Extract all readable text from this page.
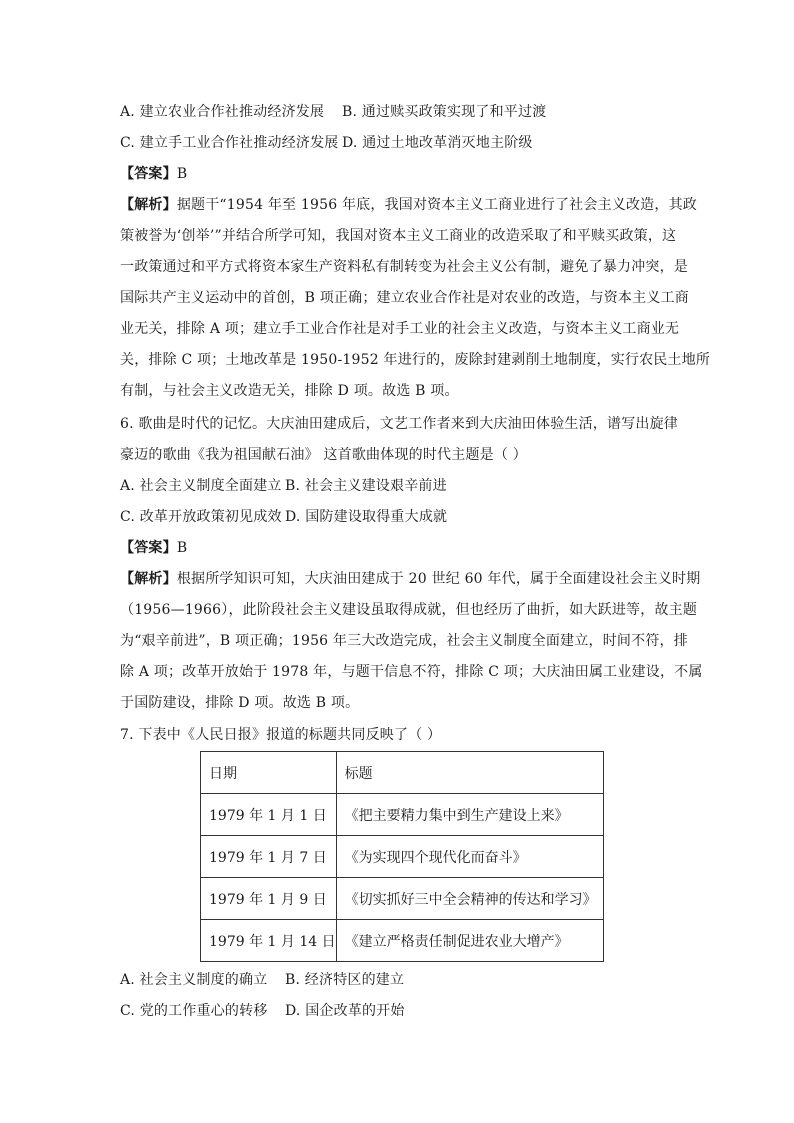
A. 建立农业合作社推动经济发展 B. 通过赎买政策实现了和平过渡
C. 建立手工业合作社推动经济发展 D. 通过土地改革消灭地主阶级
【答案】B
【解析】据题干“1954 年至 1956 年底，我国对资本主义工商业进行了社会主义改造，其政
策被誉为‘创举’”并结合所学可知，我国对资本主义工商业的改造采取了和平赎买政策，这
一政策通过和平方式将资本家生产资料私有制转变为社会主义公有制，避免了暴力冲突，是
国际共产主义运动中的首创，B 项正确；建立农业合作社是对农业的改造，与资本主义工商
业无关，排除 A 项；建立手工业合作社是对手工业的社会主义改造，与资本主义工商业无
关，排除 C 项；土地改革是 1950-1952 年进行的，废除封建剥削土地制度，实行农民土地所
有制，与社会主义改造无关，排除 D 项。故选 B 项。
6. 歌曲是时代的记忆。大庆油田建成后，文艺工作者来到大庆油田体验生活，谱写出旋律
豪迈的歌曲《我为祖国献石油》 这首歌曲体现的时代主题是（ ）
A. 社会主义制度全面建立 B. 社会主义建设艰辛前进
C. 改革开放政策初见成效 D. 国防建设取得重大成就
【答案】B
【解析】根据所学知识可知，大庆油田建成于 20 世纪 60 年代，属于全面建设社会主义时期
（1956—1966），此阶段社会主义建设虽取得成就，但也经历了曲折，如大跃进等，故主题
为“艰辛前进”，B 项正确；1956 年三大改造完成，社会主义制度全面建立，时间不符，排
除 A 项；改革开放始于 1978 年，与题干信息不符，排除 C 项；大庆油田属工业建设，不属
于国防建设，排除 D 项。故选 B 项。
7. 下表中《人民日报》报道的标题共同反映了（ ）
日期	标题
1979 年 1 月 1 日	《把主要精力集中到生产建设上来》
1979 年 1 月 7 日	《为实现四个现代化而奋斗》
1979 年 1 月 9 日	《切实抓好三中全会精神的传达和学习》
1979 年 1 月 14 日	《建立严格责任制促进农业大增产》
A. 社会主义制度的确立 B. 经济特区的建立
C. 党的工作重心的转移 D. 国企改革的开始
